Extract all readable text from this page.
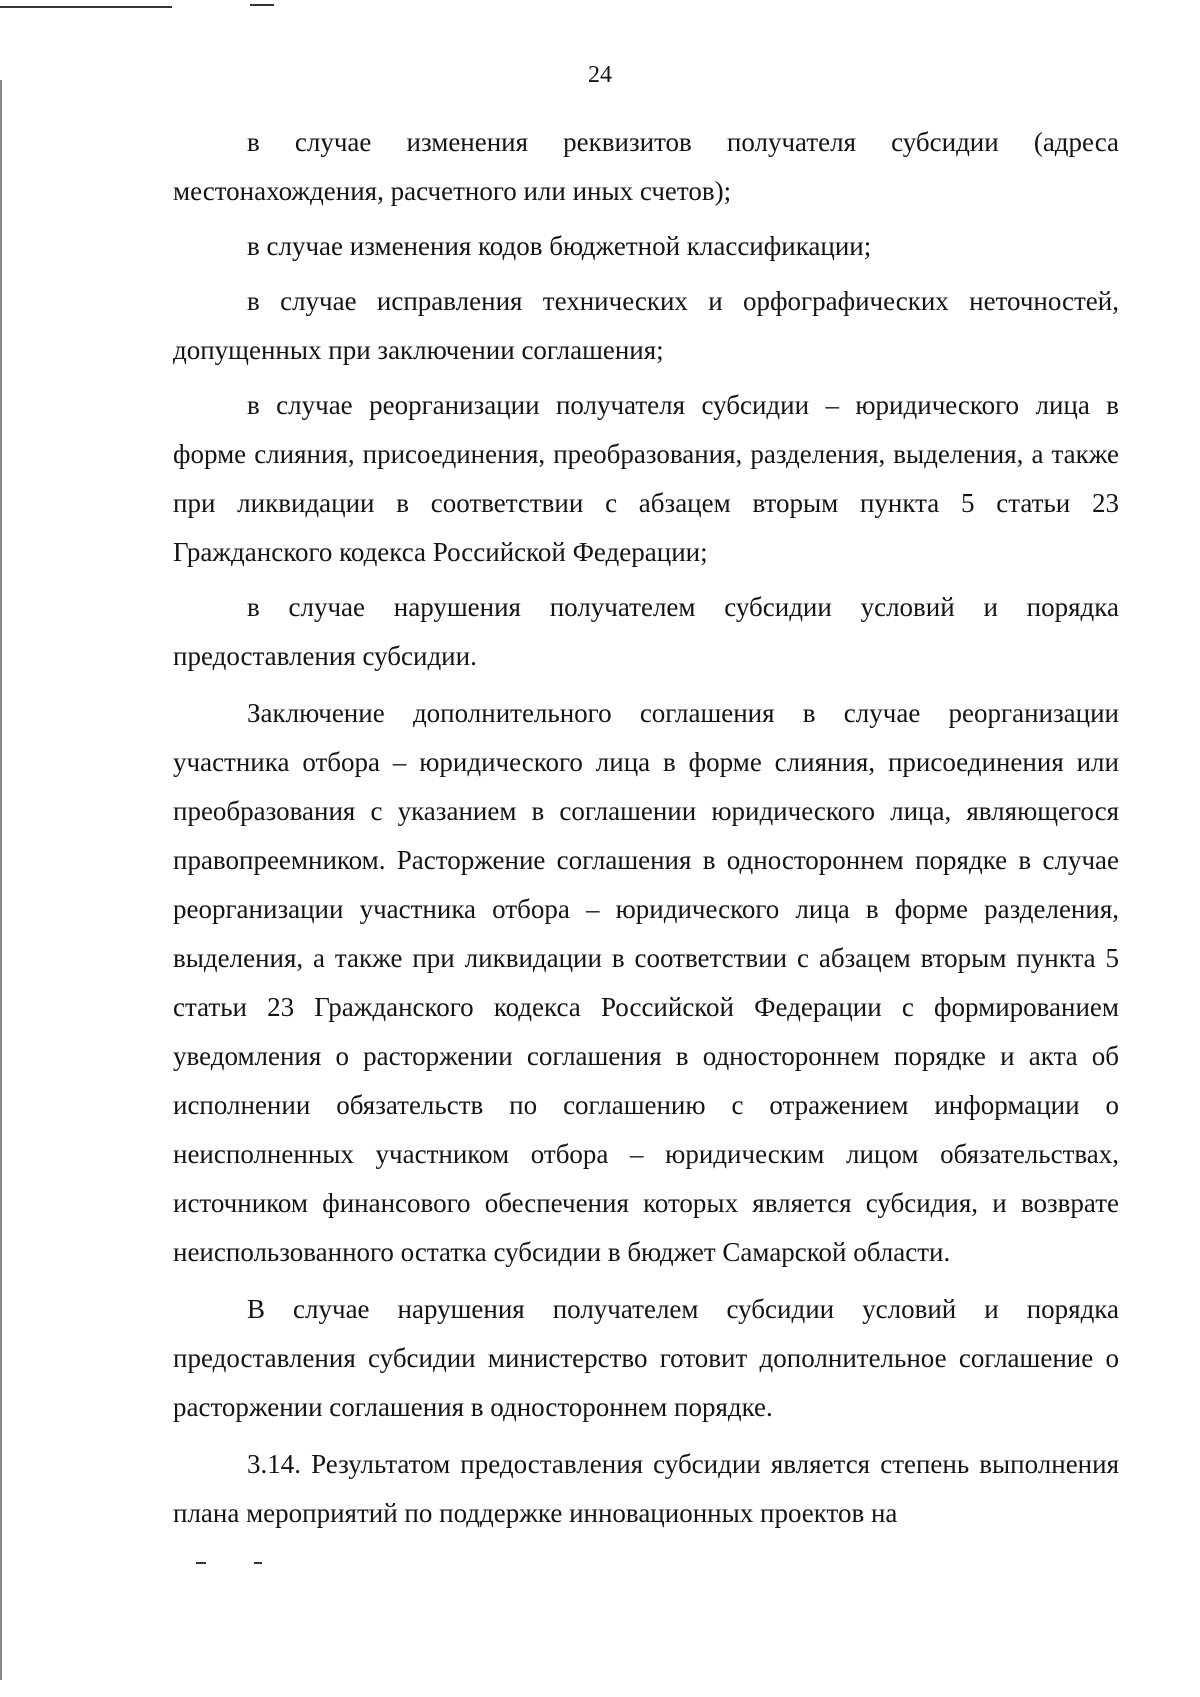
24

в случае изменения реквизитов получателя субсидии (адреса местонахождения, расчетного или иных счетов);

в случае изменения кодов бюджетной классификации;

в случае исправления технических и орфографических неточностей, допущенных при заключении соглашения;

в случае реорганизации получателя субсидии – юридического лица в форме слияния, присоединения, преобразования, разделения, выделения, а также при ликвидации в соответствии с абзацем вторым пункта 5 статьи 23 Гражданского кодекса Российской Федерации;

в случае нарушения получателем субсидии условий и порядка предоставления субсидии.

Заключение дополнительного соглашения в случае реорганизации участника отбора – юридического лица в форме слияния, присоединения или преобразования с указанием в соглашении юридического лица, являющегося правопреемником. Расторжение соглашения в одностороннем порядке в случае реорганизации участника отбора – юридического лица в форме разделения, выделения, а также при ликвидации в соответствии с абзацем вторым пункта 5 статьи 23 Гражданского кодекса Российской Федерации с формированием уведомления о расторжении соглашения в одностороннем порядке и акта об исполнении обязательств по соглашению с отражением информации о неисполненных участником отбора – юридическим лицом обязательствах, источником финансового обеспечения которых является субсидия, и возврате неиспользованного остатка субсидии в бюджет Самарской области.

В случае нарушения получателем субсидии условий и порядка предоставления субсидии министерство готовит дополнительное соглашение о расторжении соглашения в одностороннем порядке.

3.14. Результатом предоставления субсидии является степень выполнения плана мероприятий по поддержке инновационных проектов на
